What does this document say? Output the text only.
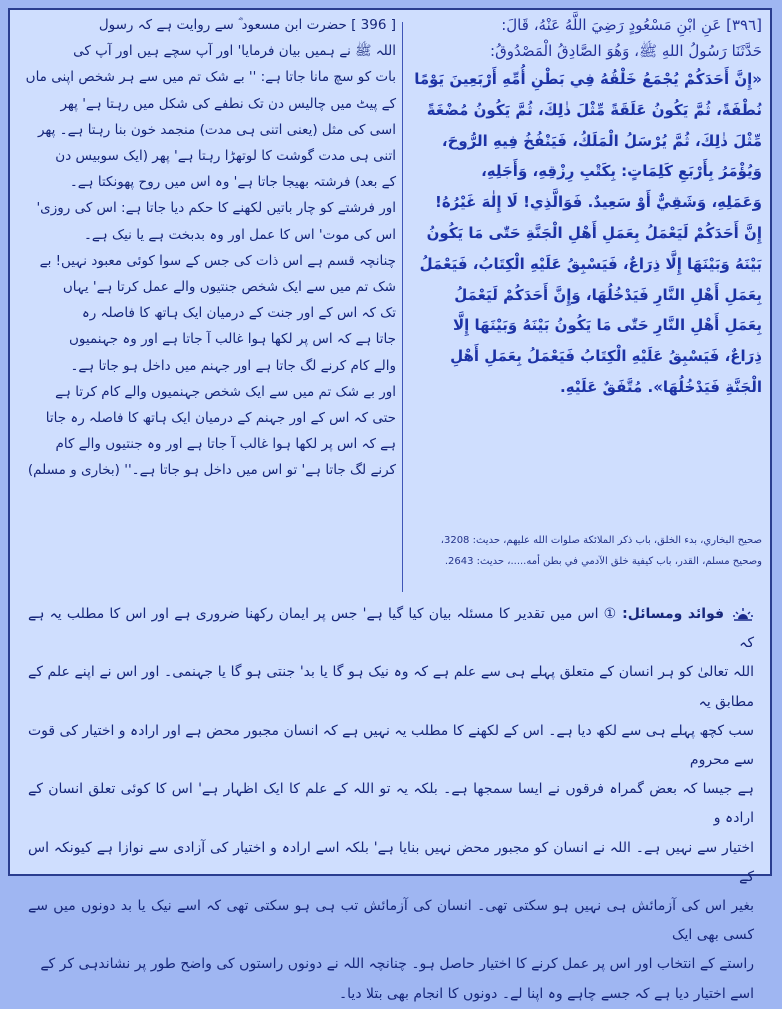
[ 396 ] حضرت ابن مسعود ؓ سے روایت ہے کہ رسول
اللہ ﷺ نے ہمیں بیان فرمایا' اور آپ سچے ہیں اور آپ کی
بات کو سچ مانا جاتا ہے: '' بے شک تم میں سے ہر شخص اپنی ماں
کے پیٹ میں چالیس دن تک نطفے کی شکل میں رہتا ہے' پھر
اسی کی مثل (یعنی اتنی ہی مدت) منجمد خون بنا رہتا ہے۔ پھر
اتنی ہی مدت گوشت کا لوتھڑا رہتا ہے' پھر (ایک سوبیس دن
کے بعد) فرشتہ بھیجا جاتا ہے' وہ اس میں روح پھونکتا ہے۔
اور فرشتے کو چار باتیں لکھنے کا حکم دیا جاتا ہے: اس کی روزی'
اس کی موت' اس کا عمل اور وہ بدبخت ہے یا نیک ہے۔
چنانچہ قسم ہے اس ذات کی جس کے سوا کوئی معبود نہیں! بے
شک تم میں سے ایک شخص جنتیوں والے عمل کرتا ہے' یہاں
تک کہ اس کے اور جنت کے درمیان ایک ہاتھ کا فاصلہ رہ
جاتا ہے کہ اس پر لکھا ہوا غالب آ جاتا ہے اور وہ جہنمیوں
والے کام کرنے لگ جاتا ہے اور جہنم میں داخل ہو جاتا ہے۔
اور بے شک تم میں سے ایک شخص جہنمیوں والے کام کرتا ہے
حتی کہ اس کے اور جہنم کے درمیان ایک ہاتھ کا فاصلہ رہ جاتا
ہے کہ اس پر لکھا ہوا غالب آ جاتا ہے اور وہ جنتیوں والے کام
کرنے لگ جاتا ہے' تو اس میں داخل ہو جاتا ہے۔'' (بخاری و مسلم)
[٣٩٦] عَنِ ابْنِ مَسْعُودٍ رَضِيَ اللَّهُ عَنْهُ، قَالَ:
حَدَّثَنَا رَسُولُ اللهِ ﷺ، وَهُوَ الصَّادِقُ الْمَصْدُوقُ:
«إِنَّ أَحَدَكُمْ يُجْمَعُ خَلْقُهُ فِي بَطْنِ أُمِّهِ أَرْبَعِينَ يَوْمًا
نُطْفَةً، ثُمَّ يَكُونُ عَلَقَةً مِّثْلَ ذٰلِكَ، ثُمَّ يَكُونُ مُضْغَةً
مِّثْلَ ذٰلِكَ، ثُمَّ يُرْسَلُ الْمَلَكُ، فَيَنْفُخُ فِيهِ الرُّوحَ،
وَيُؤْمَرُ بِأَرْبَعِ كَلِمَاتٍ: بِكَتْبِ رِزْقِهِ، وَأَجَلِهِ،
وَعَمَلِهِ، وَشَقِيٌّ أَوْ سَعِيدٌ. فَوَالَّذِي! لَا إِلٰهَ غَيْرُهُ!
إِنَّ أَحَدَكُمْ لَيَعْمَلُ بِعَمَلِ أَهْلِ الْجَنَّةِ حَتّٰى مَا يَكُونُ
بَيْنَهُ وَبَيْنَهَا إِلَّا ذِرَاعٌ، فَيَسْبِقُ عَلَيْهِ الْكِتَابُ، فَيَعْمَلُ
بِعَمَلِ أَهْلِ النَّارِ فَيَدْخُلُهَا، وَإِنَّ أَحَدَكُمْ لَيَعْمَلُ
بِعَمَلِ أَهْلِ النَّارِ حَتّٰى مَا يَكُونُ بَيْنَهُ وَبَيْنَهَا إِلَّا
ذِرَاعٌ، فَيَسْبِقُ عَلَيْهِ الْكِتَابُ فَيَعْمَلُ بِعَمَلِ أَهْلِ
الْجَنَّةِ فَيَدْخُلُهَا». مُتَّفَقٌ عَلَيْهِ.
صحيح البخاري، بدء الخلق، باب ذكر الملائكة صلوات الله عليهم، حديث: 3208،
وصحيح مسلم، القدر، باب كيفية خلق الآدمي في بطن أمه.....، حديث: 2643.
فوائد ومسائل: ① اس میں تقدیر کا مسئلہ بیان کیا گیا ہے' جس پر ایمان رکھنا ضروری ہے اور اس کا مطلب یہ ہے کہ
اللہ تعالیٰ کو ہر انسان کے متعلق پہلے ہی سے علم ہے کہ وہ نیک ہو گا یا بد' جنتی ہو گا یا جہنمی۔ اور اس نے اپنے علم کے مطابق یہ
سب کچھ پہلے ہی سے لکھ دیا ہے۔ اس کے لکھنے کا مطلب یہ نہیں ہے کہ انسان مجبور محض ہے اور ارادہ و اختیار کی قوت سے محروم
ہے جیسا کہ بعض گمراہ فرقوں نے ایسا سمجھا ہے۔ بلکہ یہ تو اللہ کے علم کا ایک اظہار ہے' اس کا کوئی تعلق انسان کے ارادہ و
اختیار سے نہیں ہے۔ اللہ نے انسان کو مجبور محض نہیں بنایا ہے' بلکہ اسے ارادہ و اختیار کی آزادی سے نوازا ہے کیونکہ اس کے
بغیر اس کی آزمائش ہی نہیں ہو سکتی تھی۔ انسان کی آزمائش تب ہی ہو سکتی تھی کہ اسے نیک یا بد دونوں میں سے کسی بھی ایک
راستے کے انتخاب اور اس پر عمل کرنے کا اختیار حاصل ہو۔ چنانچہ اللہ نے دونوں راستوں کی واضح طور پر نشاندہی کر کے
اسے اختیار دیا ہے کہ جسے چاہے وہ اپنا لے۔ دونوں کا انجام بھی بتلا دیا۔
